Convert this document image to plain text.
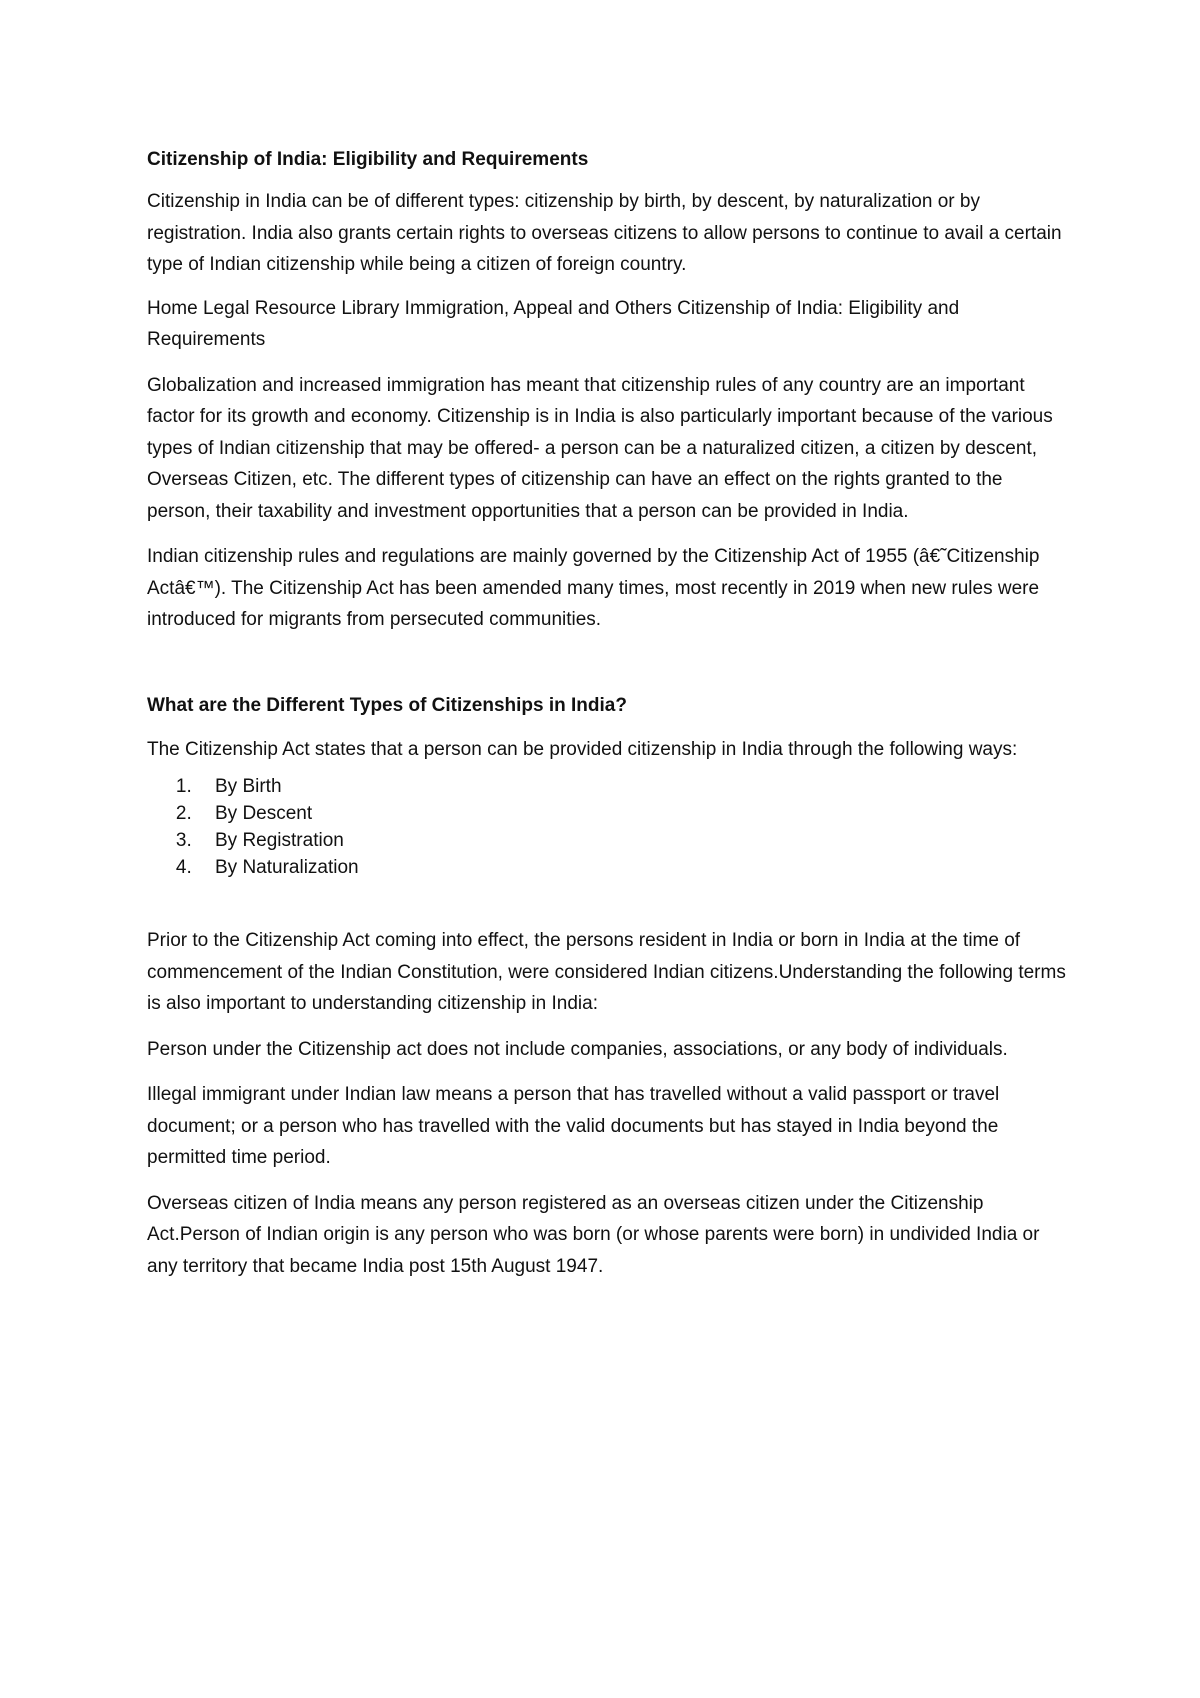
Citizenship of India: Eligibility and Requirements

Citizenship in India can be of different types: citizenship by birth, by descent, by naturalization or by registration. India also grants certain rights to overseas citizens to allow persons to continue to avail a certain type of Indian citizenship while being a citizen of foreign country.

Home Legal Resource Library Immigration, Appeal and Others Citizenship of India: Eligibility and Requirements

Globalization and increased immigration has meant that citizenship rules of any country are an important factor for its growth and economy. Citizenship is in India is also particularly important because of the various types of Indian citizenship that may be offered- a person can be a naturalized citizen, a citizen by descent, Overseas Citizen, etc. The different types of citizenship can have an effect on the rights granted to the person, their taxability and investment opportunities that a person can be provided in India.

Indian citizenship rules and regulations are mainly governed by the Citizenship Act of 1955 (â€˜Citizenship Actâ€™). The Citizenship Act has been amended many times, most recently in 2019 when new rules were introduced for migrants from persecuted communities.

What are the Different Types of Citizenships in India?

The Citizenship Act states that a person can be provided citizenship in India through the following ways:

1. By Birth
2. By Descent
3. By Registration
4. By Naturalization

Prior to the Citizenship Act coming into effect, the persons resident in India or born in India at the time of commencement of the Indian Constitution, were considered Indian citizens.Understanding the following terms is also important to understanding citizenship in India:

Person under the Citizenship act does not include companies, associations, or any body of individuals.

Illegal immigrant under Indian law means a person that has travelled without a valid passport or travel document; or a person who has travelled with the valid documents but has stayed in India beyond the permitted time period.

Overseas citizen of India means any person registered as an overseas citizen under the Citizenship Act.Person of Indian origin is any person who was born (or whose parents were born) in undivided India or any territory that became India post 15th August 1947.
